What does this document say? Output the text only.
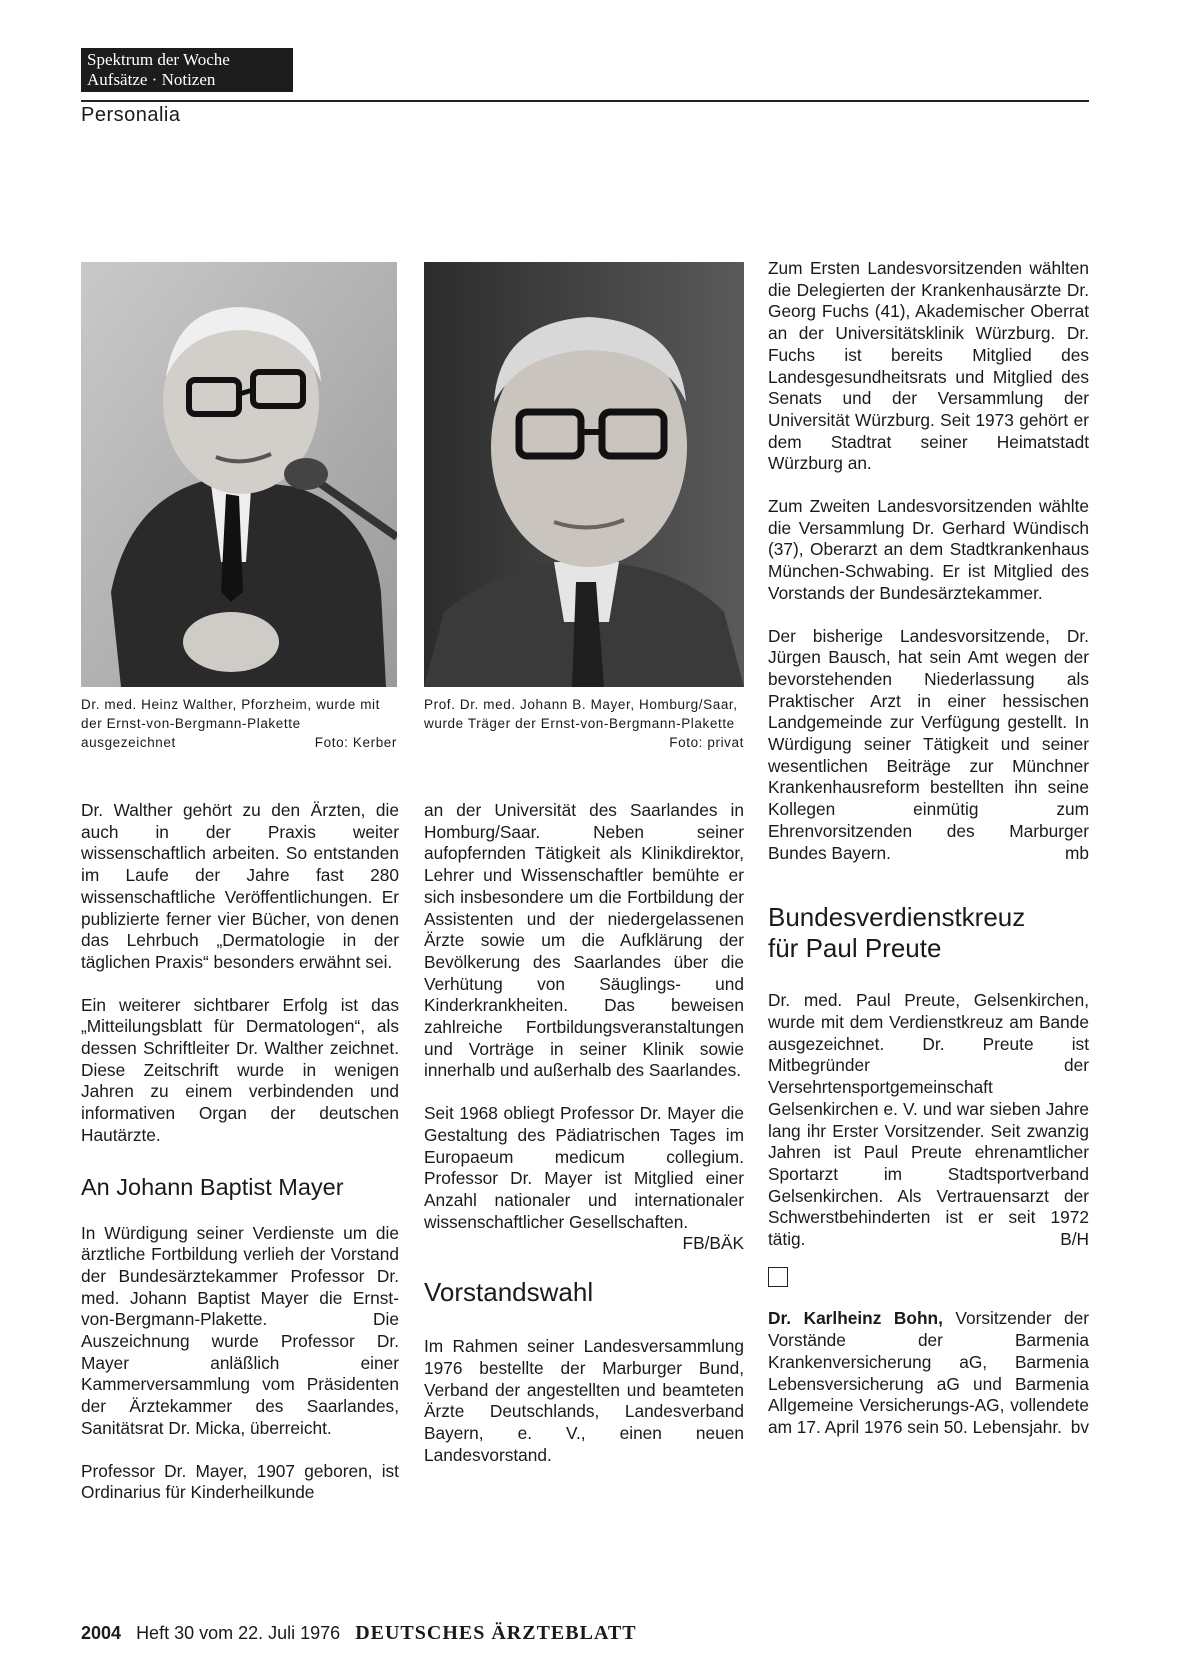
Spektrum der Woche
Aufsätze · Notizen
Personalia
Dr. med. Heinz Walther, Pforzheim, wurde mit der Ernst-von-Bergmann-Plakette ausgezeichnet	Foto: Kerber
Prof. Dr. med. Johann B. Mayer, Homburg/Saar, wurde Träger der Ernst-von-Bergmann-Plakette
Foto: privat

Dr. Walther gehört zu den Ärzten, die auch in der Praxis weiter wissenschaftlich arbeiten. So entstanden im Laufe der Jahre fast 280 wissenschaftliche Veröffentlichungen. Er publizierte ferner vier Bücher, von denen das Lehrbuch „Dermatologie in der täglichen Praxis“ besonders erwähnt sei.

Ein weiterer sichtbarer Erfolg ist das „Mitteilungsblatt für Dermatologen“, als dessen Schriftleiter Dr. Walther zeichnet. Diese Zeitschrift wurde in wenigen Jahren zu einem verbindenden und informativen Organ der deutschen Hautärzte.

An Johann Baptist Mayer

In Würdigung seiner Verdienste um die ärztliche Fortbildung verlieh der Vorstand der Bundesärztekammer Professor Dr. med. Johann Baptist Mayer die Ernst-von-Bergmann-Plakette. Die Auszeichnung wurde Professor Dr. Mayer anläßlich einer Kammerversammlung vom Präsidenten der Ärztekammer des Saarlandes, Sanitätsrat Dr. Micka, überreicht.

Professor Dr. Mayer, 1907 geboren, ist Ordinarius für Kinderheilkunde

an der Universität des Saarlandes in Homburg/Saar. Neben seiner aufopfernden Tätigkeit als Klinikdirektor, Lehrer und Wissenschaftler bemühte er sich insbesondere um die Fortbildung der Assistenten und der niedergelassenen Ärzte sowie um die Aufklärung der Bevölkerung des Saarlandes über die Verhütung von Säuglings- und Kinderkrankheiten. Das beweisen zahlreiche Fortbildungsveranstaltungen und Vorträge in seiner Klinik sowie innerhalb und außerhalb des Saarlandes.

Seit 1968 obliegt Professor Dr. Mayer die Gestaltung des Pädiatrischen Tages im Europaeum medicum collegium. Professor Dr. Mayer ist Mitglied einer Anzahl nationaler und internationaler wissenschaftlicher Gesellschaften.
FB/BÄK

Vorstandswahl

Im Rahmen seiner Landesversammlung 1976 bestellte der Marburger Bund, Verband der angestellten und beamteten Ärzte Deutschlands, Landesverband Bayern, e. V., einen neuen Landesvorstand.

Zum Ersten Landesvorsitzenden wählten die Delegierten der Krankenhausärzte Dr. Georg Fuchs (41), Akademischer Oberrat an der Universitätsklinik Würzburg. Dr. Fuchs ist bereits Mitglied des Landesgesundheitsrats und Mitglied des Senats und der Versammlung der Universität Würzburg. Seit 1973 gehört er dem Stadtrat seiner Heimatstadt Würzburg an.

Zum Zweiten Landesvorsitzenden wählte die Versammlung Dr. Gerhard Wündisch (37), Oberarzt an dem Stadtkrankenhaus München-Schwabing. Er ist Mitglied des Vorstands der Bundesärztekammer.

Der bisherige Landesvorsitzende, Dr. Jürgen Bausch, hat sein Amt wegen der bevorstehenden Niederlassung als Praktischer Arzt in einer hessischen Landgemeinde zur Verfügung gestellt. In Würdigung seiner Tätigkeit und seiner wesentlichen Beiträge zur Münchner Krankenhausreform bestellten ihn seine Kollegen einmütig zum Ehrenvorsitzenden des Marburger Bundes Bayern.	mb

Bundesverdienstkreuz
für Paul Preute

Dr. med. Paul Preute, Gelsenkirchen, wurde mit dem Verdienstkreuz am Bande ausgezeichnet. Dr. Preute ist Mitbegründer der Versehrtensportgemeinschaft Gelsenkirchen e. V. und war sieben Jahre lang ihr Erster Vorsitzender. Seit zwanzig Jahren ist Paul Preute ehrenamtlicher Sportarzt im Stadtsportverband Gelsenkirchen. Als Vertrauensarzt der Schwerstbehinderten ist er seit 1972 tätig.	B/H

Dr. Karlheinz Bohn, Vorsitzender der Vorstände der Barmenia Krankenversicherung aG, Barmenia Lebensversicherung aG und Barmenia Allgemeine Versicherungs-AG, vollendete am 17. April 1976 sein 50. Lebensjahr. bv

2004 Heft 30 vom 22. Juli 1976 DEUTSCHES ÄRZTEBLATT
